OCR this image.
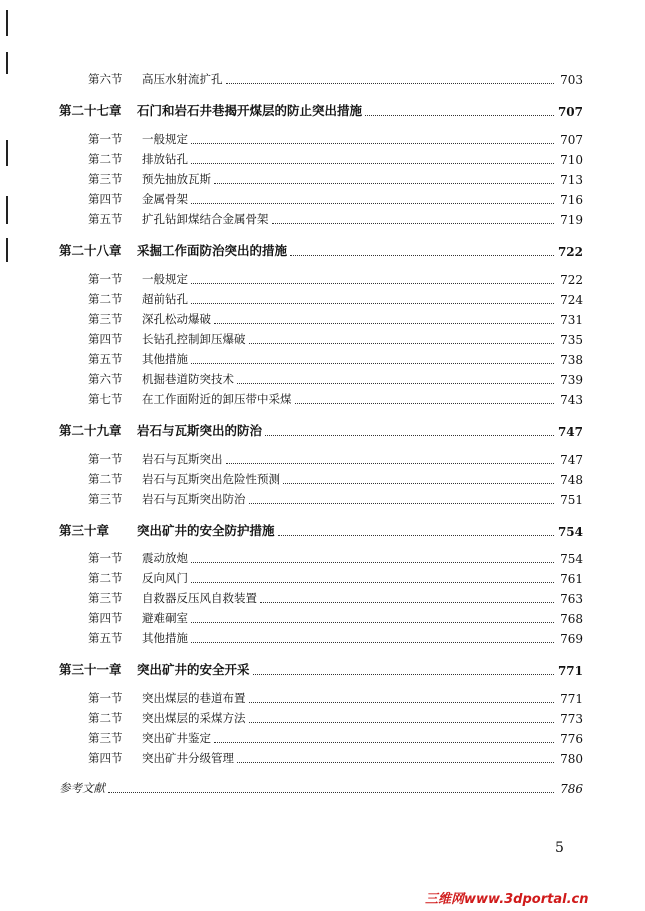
第六节 高压水射流扩孔	703
第二十七章	石门和岩石井巷揭开煤层的防止突出措施	707
第一节 一般规定	707
第二节 排放钻孔	710
第三节 预先抽放瓦斯	713
第四节 金属骨架	716
第五节 扩孔钻卸煤结合金属骨架	719
第二十八章	采掘工作面防治突出的措施	722
第一节 一般规定	722
第二节 超前钻孔	724
第三节 深孔松动爆破	731
第四节 长钻孔控制卸压爆破	735
第五节 其他措施	738
第六节 机掘巷道防突技术	739
第七节 在工作面附近的卸压带中采煤	743
第二十九章	岩石与瓦斯突出的防治	747
第一节 岩石与瓦斯突出	747
第二节 岩石与瓦斯突出危险性预测	748
第三节 岩石与瓦斯突出防治	751
第三十章	突出矿井的安全防护措施	754
第一节 震动放炮	754
第二节 反向风门	761
第三节 自救器反压风自救装置	763
第四节 避难硐室	768
第五节 其他措施	769
第三十一章	突出矿井的安全开采	771
第一节 突出煤层的巷道布置	771
第二节 突出煤层的采煤方法	773
第三节 突出矿井鉴定	776
第四节 突出矿井分级管理	780
参考文献	786
5
三维网www.3dportal.cn
